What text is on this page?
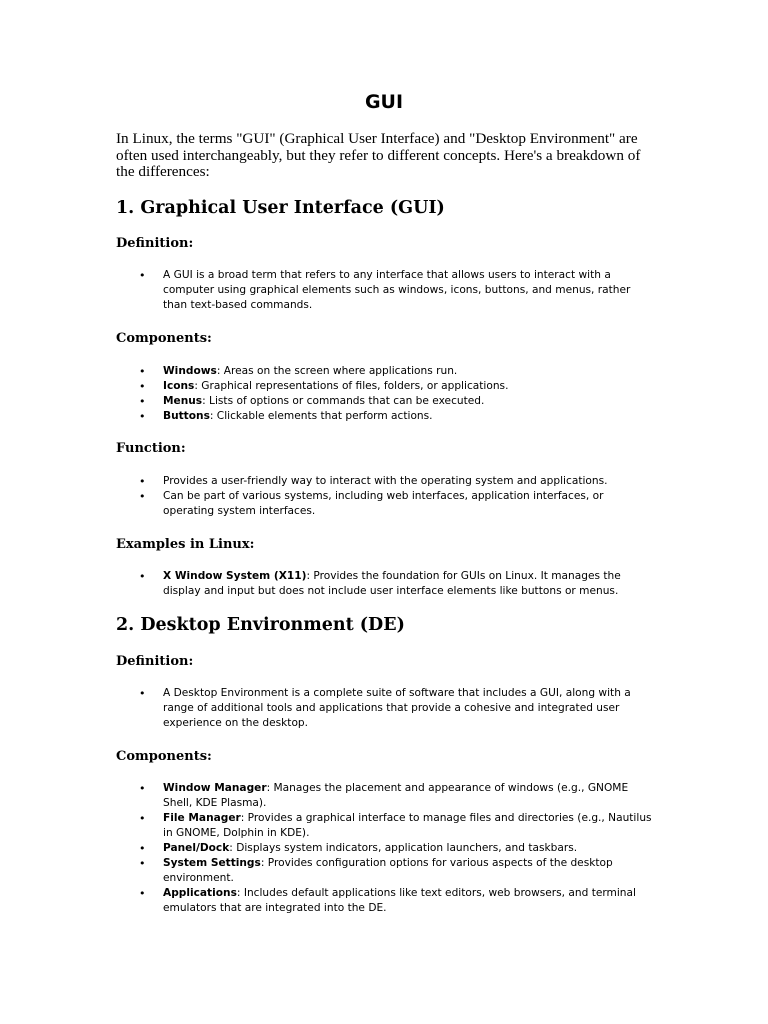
GUI

In Linux, the terms "GUI" (Graphical User Interface) and "Desktop Environment" are often used interchangeably, but they refer to different concepts. Here's a breakdown of the differences:

1. Graphical User Interface (GUI)
Definition:
• A GUI is a broad term that refers to any interface that allows users to interact with a computer using graphical elements such as windows, icons, buttons, and menus, rather than text-based commands.
Components:
• Windows: Areas on the screen where applications run.
• Icons: Graphical representations of files, folders, or applications.
• Menus: Lists of options or commands that can be executed.
• Buttons: Clickable elements that perform actions.
Function:
• Provides a user-friendly way to interact with the operating system and applications.
• Can be part of various systems, including web interfaces, application interfaces, or operating system interfaces.
Examples in Linux:
• X Window System (X11): Provides the foundation for GUIs on Linux. It manages the display and input but does not include user interface elements like buttons or menus.
2. Desktop Environment (DE)
Definition:
• A Desktop Environment is a complete suite of software that includes a GUI, along with a range of additional tools and applications that provide a cohesive and integrated user experience on the desktop.
Components:
• Window Manager: Manages the placement and appearance of windows (e.g., GNOME Shell, KDE Plasma).
• File Manager: Provides a graphical interface to manage files and directories (e.g., Nautilus in GNOME, Dolphin in KDE).
• Panel/Dock: Displays system indicators, application launchers, and taskbars.
• System Settings: Provides configuration options for various aspects of the desktop environment.
• Applications: Includes default applications like text editors, web browsers, and terminal emulators that are integrated into the DE.
